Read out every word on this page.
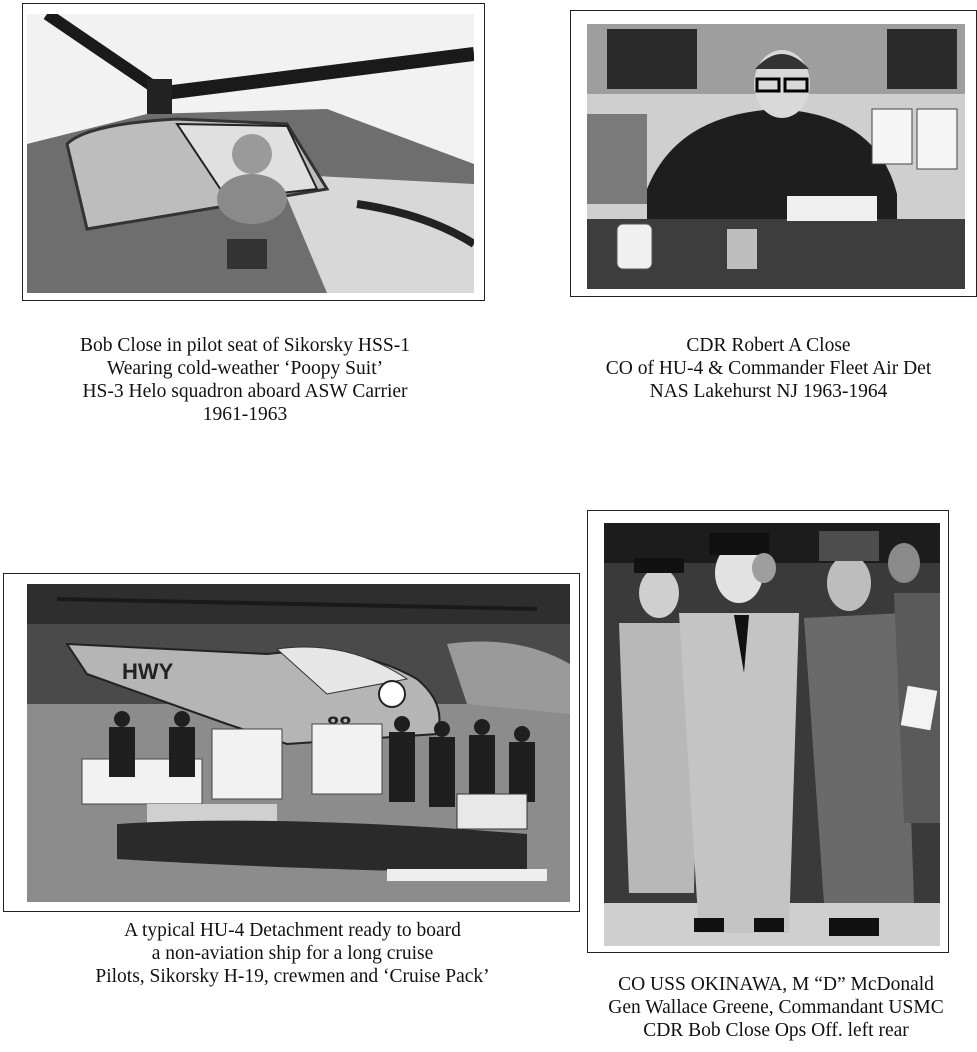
HWY
Bob Close in pilot seat of Sikorsky HSS-1
Wearing cold-weather ‘Poopy Suit’
HS-3 Helo squadron aboard ASW Carrier
1961-1963
CDR Robert A Close
CO of HU-4 & Commander Fleet Air Det
NAS Lakehurst NJ 1963-1964
A typical HU-4 Detachment ready to board
a non-aviation ship for a long cruise
Pilots, Sikorsky H-19, crewmen and ‘Cruise Pack’	CO USS OKINAWA, M “D” McDonald
Gen Wallace Greene, Commandant USMC
CDR Bob Close Ops Off. left rear
